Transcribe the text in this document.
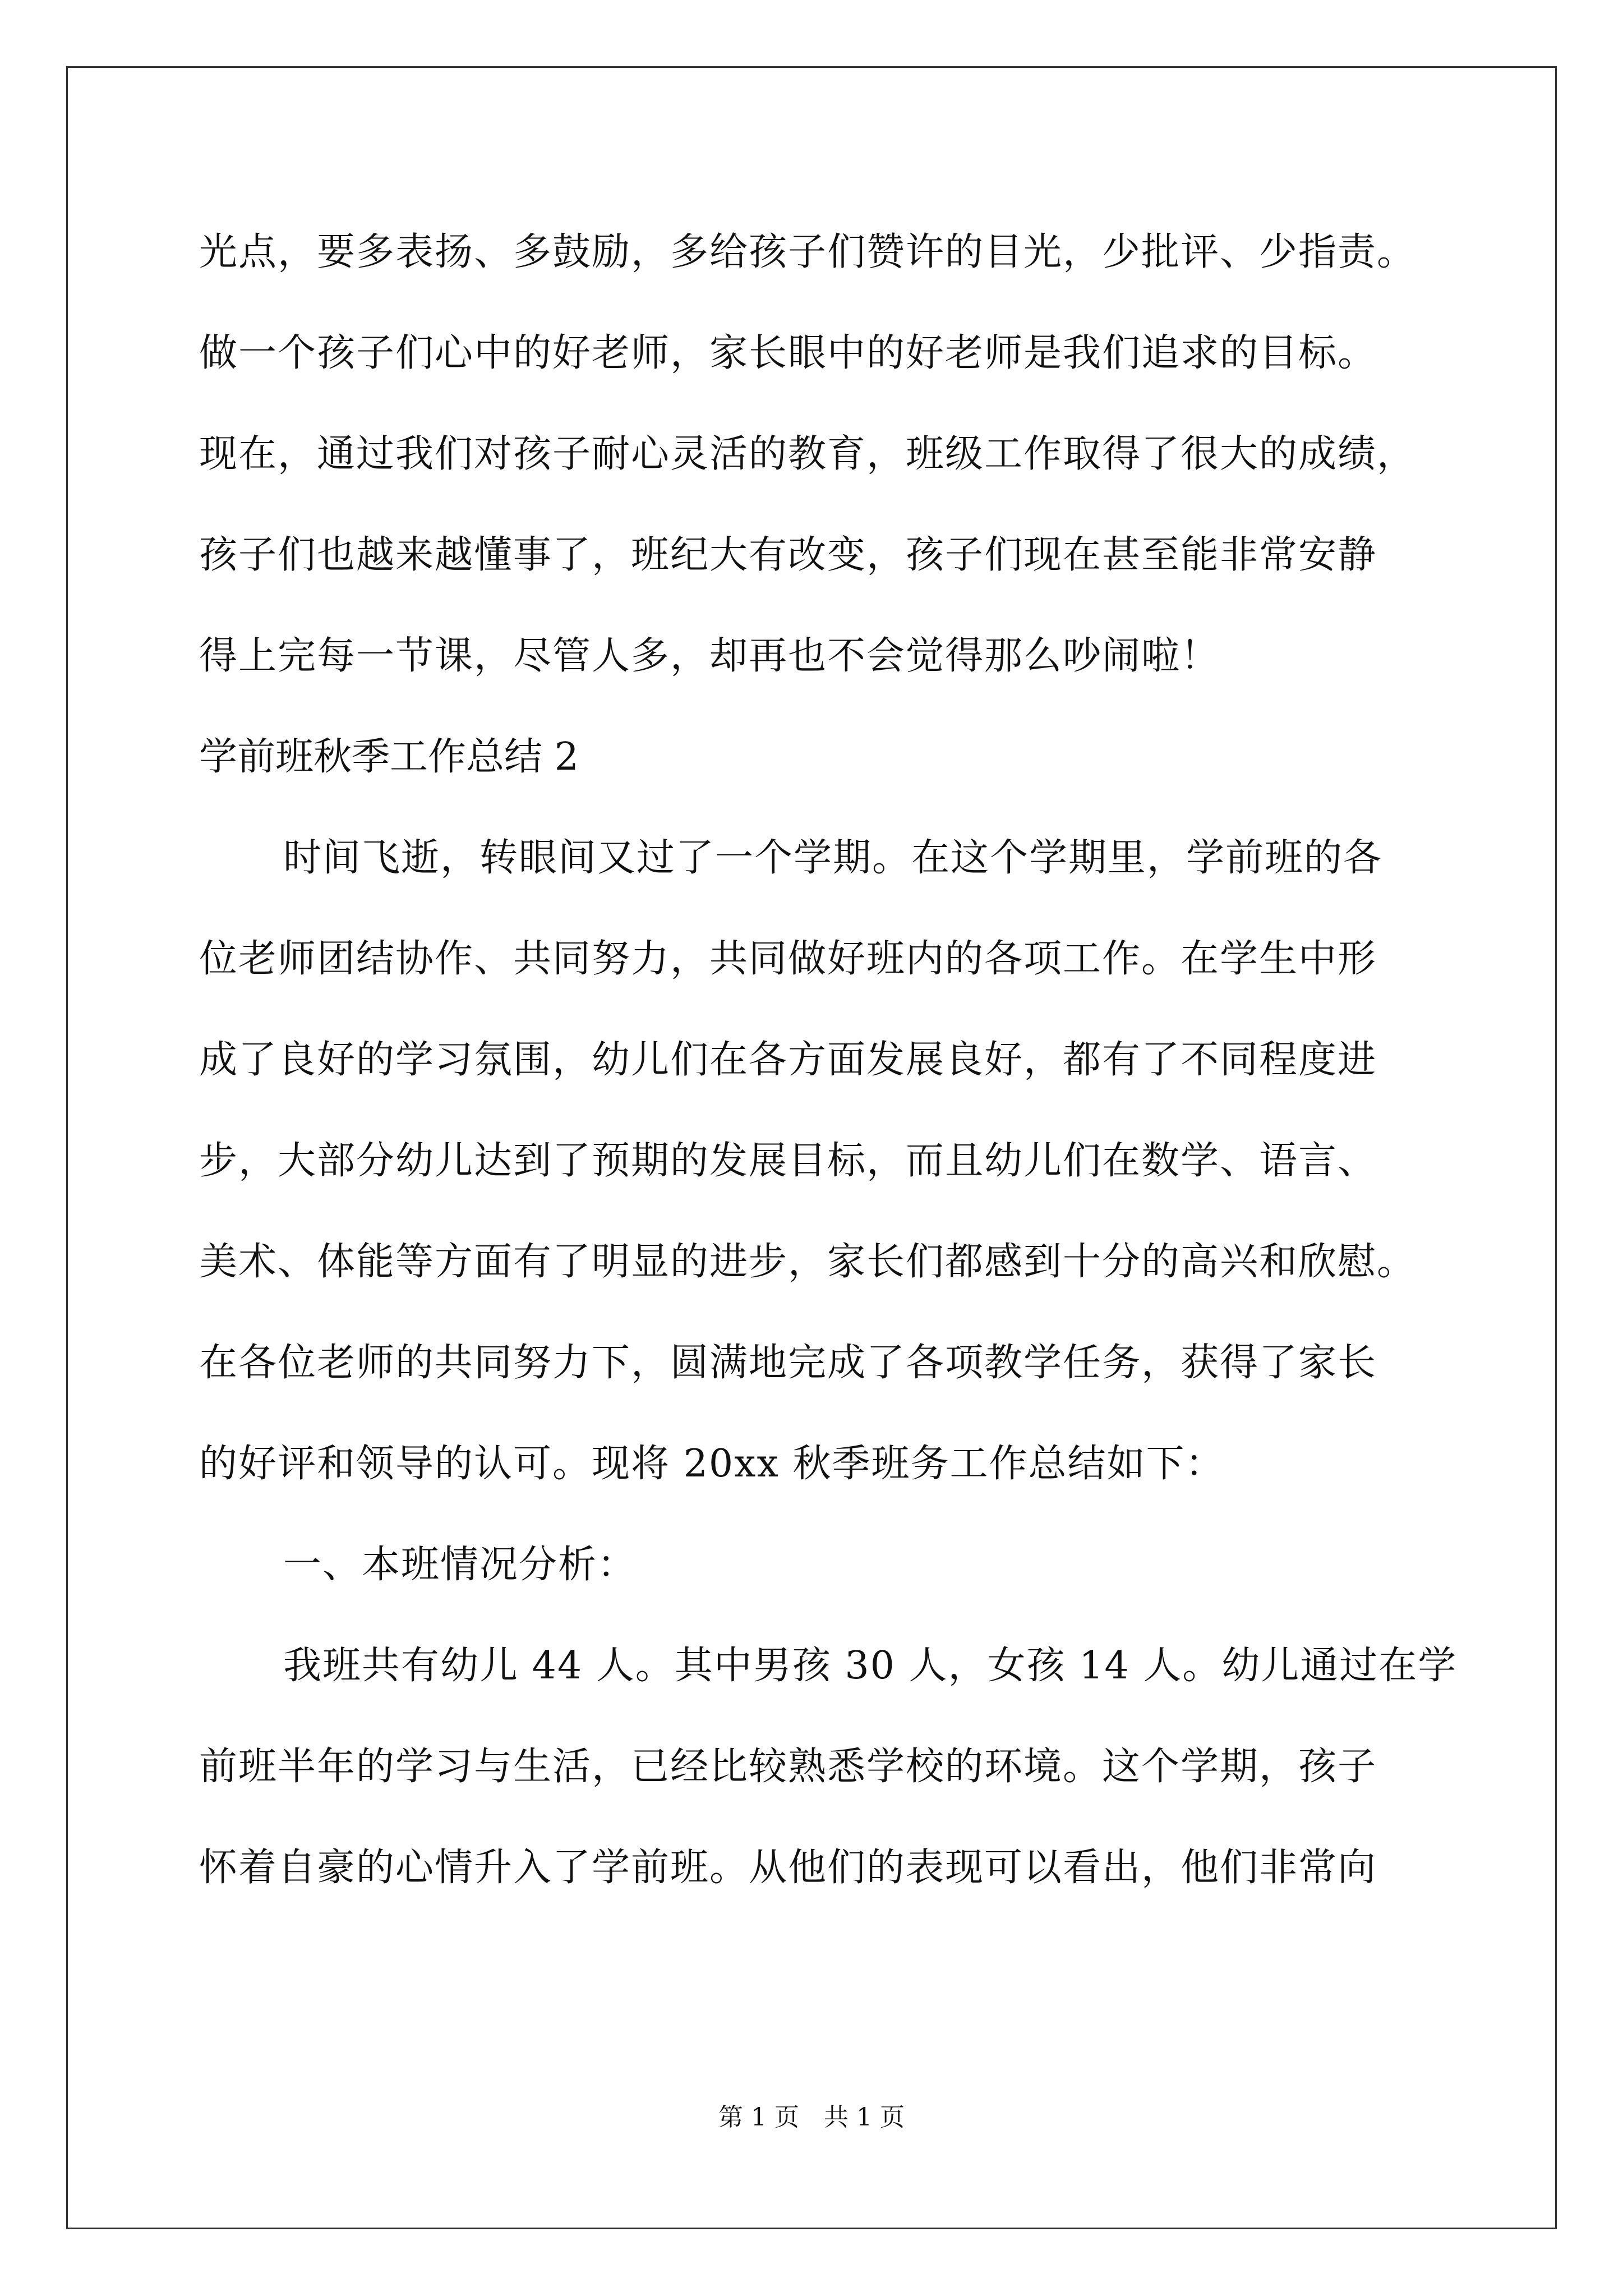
光点，要多表扬、多鼓励，多给孩子们赞许的目光，少批评、少指责。
做一个孩子们心中的好老师，家长眼中的好老师是我们追求的目标。
现在，通过我们对孩子耐心灵活的教育，班级工作取得了很大的成绩，
孩子们也越来越懂事了，班纪大有改变，孩子们现在甚至能非常安静
得上完每一节课，尽管人多，却再也不会觉得那么吵闹啦！
学前班秋季工作总结 2
时间飞逝，转眼间又过了一个学期。在这个学期里，学前班的各
位老师团结协作、共同努力，共同做好班内的各项工作。在学生中形
成了良好的学习氛围，幼儿们在各方面发展良好，都有了不同程度进
步，大部分幼儿达到了预期的发展目标，而且幼儿们在数学、语言、
美术、体能等方面有了明显的进步，家长们都感到十分的高兴和欣慰。
在各位老师的共同努力下，圆满地完成了各项教学任务，获得了家长
的好评和领导的认可。现将 20xx 秋季班务工作总结如下：
一、本班情况分析：
我班共有幼儿 44 人。其中男孩 30 人，女孩 14 人。幼儿通过在学
前班半年的学习与生活，已经比较熟悉学校的环境。这个学期，孩子
怀着自豪的心情升入了学前班。从他们的表现可以看出，他们非常向
第 1 页　共 1 页
